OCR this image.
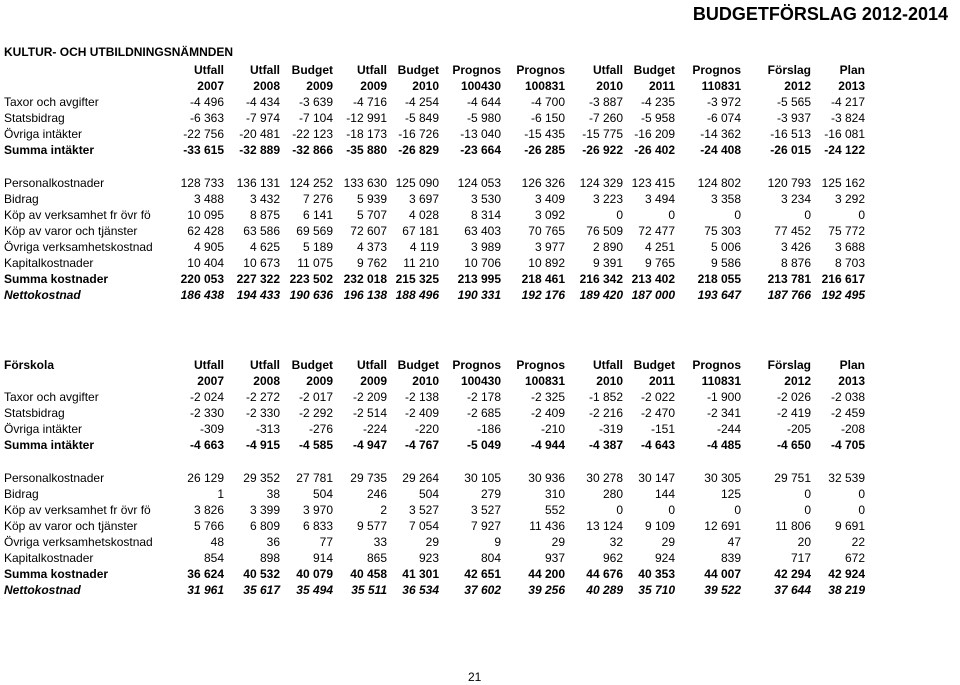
BUDGETFÖRSLAG 2012-2014
KULTUR- OCH UTBILDNINGSNÄMNDEN
	Utfall	Utfall	Budget	Utfall	Budget	Prognos	Prognos	Utfall	Budget	Prognos	Förslag	Plan
	2007	2008	2009	2009	2010	100430	100831	2010	2011	110831	2012	2013
Taxor och avgifter	-4 496	-4 434	-3 639	-4 716	-4 254	-4 644	-4 700	-3 887	-4 235	-3 972	-5 565	-4 217
Statsbidrag	-6 363	-7 974	-7 104	-12 991	-5 849	-5 980	-6 150	-7 260	-5 958	-6 074	-3 937	-3 824
Övriga intäkter	-22 756	-20 481	-22 123	-18 173	-16 726	-13 040	-15 435	-15 775	-16 209	-14 362	-16 513	-16 081
Summa intäkter	-33 615	-32 889	-32 866	-35 880	-26 829	-23 664	-26 285	-26 922	-26 402	-24 408	-26 015	-24 122

Personalkostnader	128 733	136 131	124 252	133 630	125 090	124 053	126 326	124 329	123 415	124 802	120 793	125 162
Bidrag	3 488	3 432	7 276	5 939	3 697	3 530	3 409	3 223	3 494	3 358	3 234	3 292
Köp av verksamhet fr övr fö	10 095	8 875	6 141	5 707	4 028	8 314	3 092	0	0	0	0	0
Köp av varor och tjänster	62 428	63 586	69 569	72 607	67 181	63 403	70 765	76 509	72 477	75 303	77 452	75 772
Övriga verksamhetskostnad	4 905	4 625	5 189	4 373	4 119	3 989	3 977	2 890	4 251	5 006	3 426	3 688
Kapitalkostnader	10 404	10 673	11 075	9 762	11 210	10 706	10 892	9 391	9 765	9 586	8 876	8 703
Summa kostnader	220 053	227 322	223 502	232 018	215 325	213 995	218 461	216 342	213 402	218 055	213 781	216 617
Nettokostnad	186 438	194 433	190 636	196 138	188 496	190 331	192 176	189 420	187 000	193 647	187 766	192 495
Förskola	Utfall	Utfall	Budget	Utfall	Budget	Prognos	Prognos	Utfall	Budget	Prognos	Förslag	Plan
	2007	2008	2009	2009	2010	100430	100831	2010	2011	110831	2012	2013
Taxor och avgifter	-2 024	-2 272	-2 017	-2 209	-2 138	-2 178	-2 325	-1 852	-2 022	-1 900	-2 026	-2 038
Statsbidrag	-2 330	-2 330	-2 292	-2 514	-2 409	-2 685	-2 409	-2 216	-2 470	-2 341	-2 419	-2 459
Övriga intäkter	-309	-313	-276	-224	-220	-186	-210	-319	-151	-244	-205	-208
Summa intäkter	-4 663	-4 915	-4 585	-4 947	-4 767	-5 049	-4 944	-4 387	-4 643	-4 485	-4 650	-4 705

Personalkostnader	26 129	29 352	27 781	29 735	29 264	30 105	30 936	30 278	30 147	30 305	29 751	32 539
Bidrag	1	38	504	246	504	279	310	280	144	125	0	0
Köp av verksamhet fr övr fö	3 826	3 399	3 970	2	3 527	3 527	552	0	0	0	0	0
Köp av varor och tjänster	5 766	6 809	6 833	9 577	7 054	7 927	11 436	13 124	9 109	12 691	11 806	9 691
Övriga verksamhetskostnad	48	36	77	33	29	9	29	32	29	47	20	22
Kapitalkostnader	854	898	914	865	923	804	937	962	924	839	717	672
Summa kostnader	36 624	40 532	40 079	40 458	41 301	42 651	44 200	44 676	40 353	44 007	42 294	42 924
Nettokostnad	31 961	35 617	35 494	35 511	36 534	37 602	39 256	40 289	35 710	39 522	37 644	38 219
21
